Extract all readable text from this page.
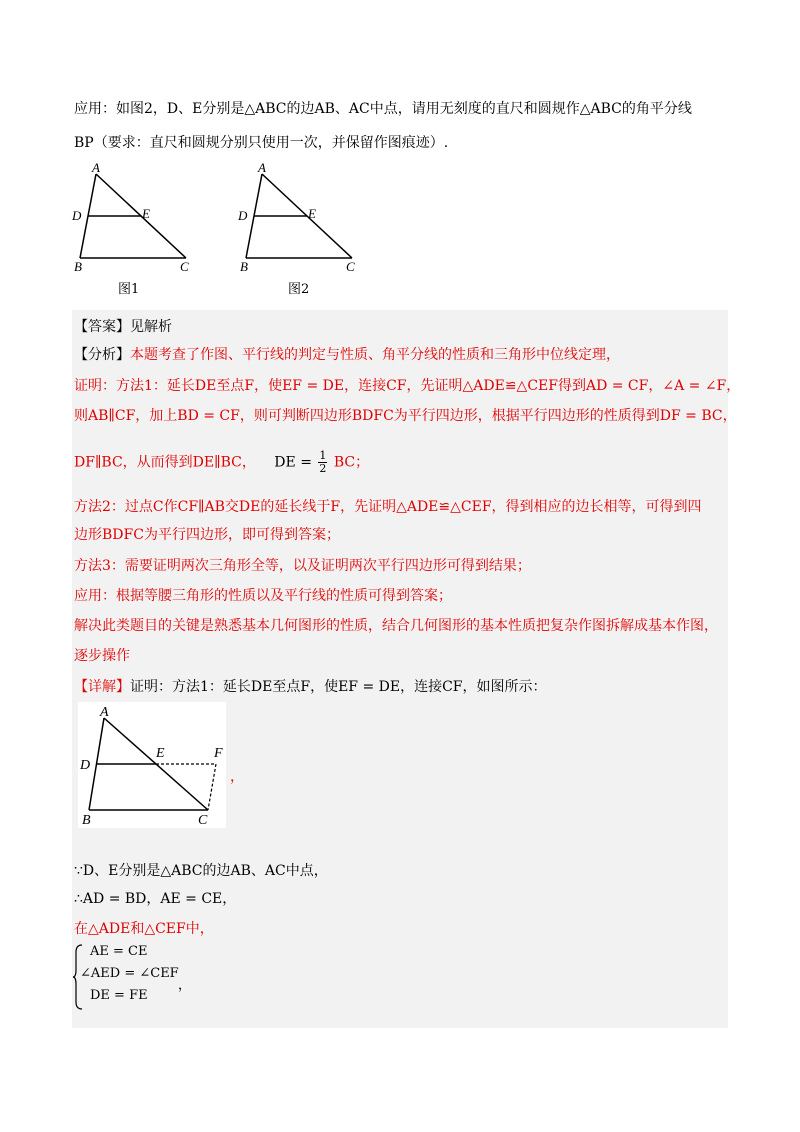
应用：如图2，D、E分别是△ABC的边AB、AC中点，请用无刻度的直尺和圆规作△ABC的角平分线
BP（要求：直尺和圆规分别只使用一次，并保留作图痕迹）.
A
D	E
B	C
图1
A
D	E
B	C
图2
【答案】见解析
【分析】本题考查了作图、平行线的判定与性质、角平分线的性质和三角形中位线定理，
证明：方法1：延长DE至点F，使EF = DE，连接CF，先证明△ADE≌△CEF得到AD = CF，∠A = ∠F，
则AB∥CF，加上BD = CF，则可判断四边形BDFC为平行四边形，根据平行四边形的性质得到DF = BC，
DF∥BC，从而得到DE∥BC， DE = $\frac{1}{2}$ BC；
方法2：过点C作CF∥AB交DE的延长线于F，先证明△ADE≌△CEF，得到相应的边长相等，可得到四
边形BDFC为平行四边形，即可得到答案；
方法3：需要证明两次三角形全等，以及证明两次平行四边形可得到结果；
应用：根据等腰三角形的性质以及平行线的性质可得到答案；
解决此类题目的关键是熟悉基本几何图形的性质，结合几何图形的基本性质把复杂作图拆解成基本作图，
逐步操作
【详解】证明：方法1：延长DE至点F，使EF = DE，连接CF，如图所示：
A
D
E	F
B	C
，
∵D、E分别是△ABC的边AB、AC中点，
∴AD = BD，AE = CE，
在△ADE和△CEF中，
AE = CE
∠AED = ∠CEF
DE = FE
，
